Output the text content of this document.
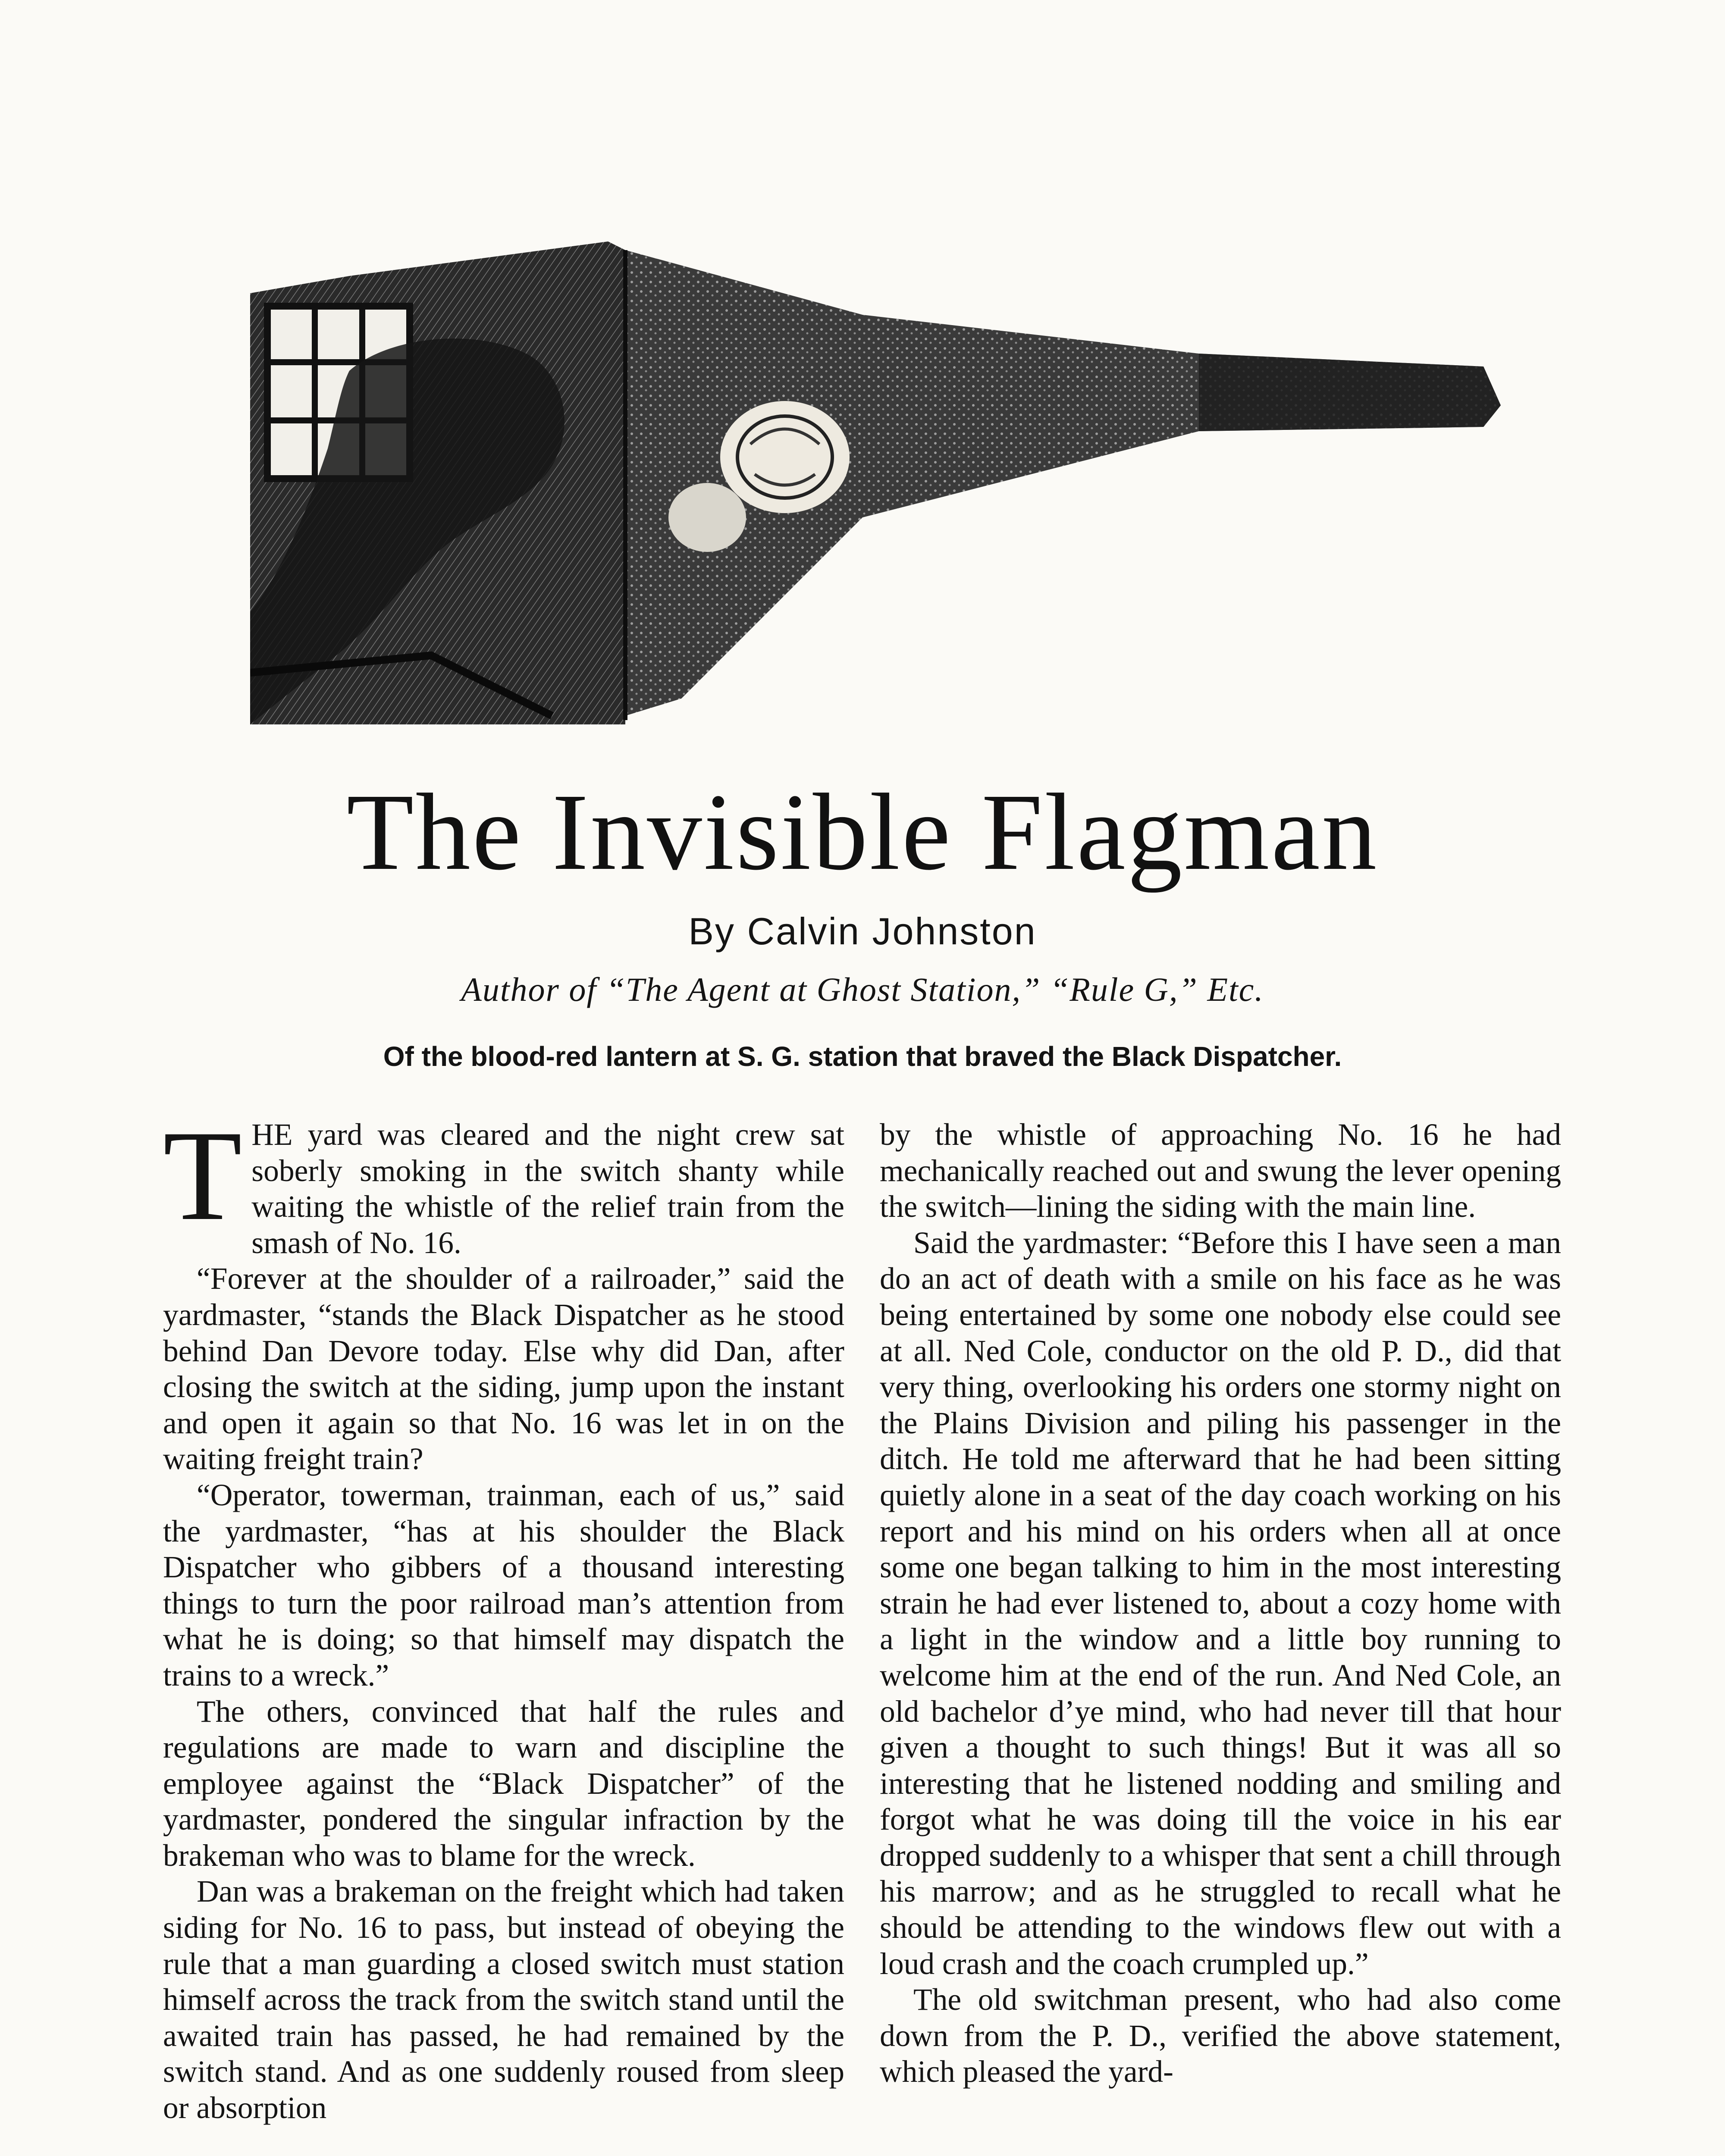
The Invisible Flagman
By Calvin Johnston
Author of “The Agent at Ghost Station,” “Rule G,” Etc.
Of the blood-red lantern at S. G. station that braved the Black Dispatcher.

THE yard was cleared and the night crew sat soberly smoking in the switch shanty while waiting the whistle of the relief train from the smash of No. 16.

“Forever at the shoulder of a railroader,” said the yardmaster, “stands the Black Dispatcher as he stood behind Dan Devore today. Else why did Dan, after closing the switch at the siding, jump upon the instant and open it again so that No. 16 was let in on the waiting freight train?

“Operator, towerman, trainman, each of us,” said the yardmaster, “has at his shoulder the Black Dispatcher who gibbers of a thousand interesting things to turn the poor railroad man’s attention from what he is doing; so that himself may dispatch the trains to a wreck.”

The others, convinced that half the rules and regulations are made to warn and discipline the employee against the “Black Dispatcher” of the yardmaster, pondered the singular infraction by the brakeman who was to blame for the wreck.

Dan was a brakeman on the freight which had taken siding for No. 16 to pass, but instead of obeying the rule that a man guarding a closed switch must station himself across the track from the switch stand until the awaited train has passed, he had remained by the switch stand. And as one suddenly roused from sleep or absorption

by the whistle of approaching No. 16 he had mechanically reached out and swung the lever opening the switch—lining the siding with the main line.

Said the yardmaster: “Before this I have seen a man do an act of death with a smile on his face as he was being entertained by some one nobody else could see at all. Ned Cole, conductor on the old P. D., did that very thing, overlooking his orders one stormy night on the Plains Division and piling his passenger in the ditch. He told me afterward that he had been sitting quietly alone in a seat of the day coach working on his report and his mind on his orders when all at once some one began talking to him in the most interesting strain he had ever listened to, about a cozy home with a light in the window and a little boy running to welcome him at the end of the run. And Ned Cole, an old bachelor d’ye mind, who had never till that hour given a thought to such things! But it was all so interesting that he listened nodding and smiling and forgot what he was doing till the voice in his ear dropped suddenly to a whisper that sent a chill through his marrow; and as he struggled to recall what he should be attending to the windows flew out with a loud crash and the coach crumpled up.”

The old switchman present, who had also come down from the P. D., verified the above statement, which pleased the yard-
